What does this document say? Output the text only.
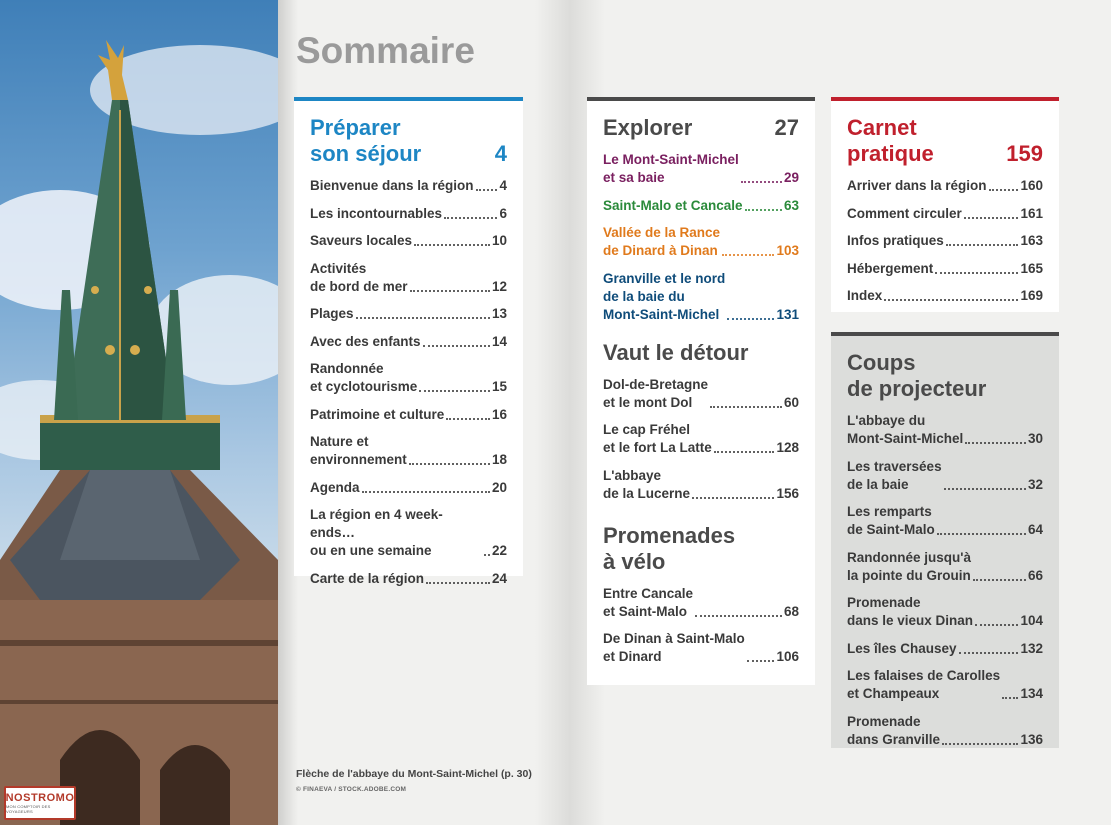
NOSTROMO
MON COMPTOIR DES VOYAGEURS
Sommaire
Préparer
son séjour	4
Bienvenue dans la région 4
Les incontournables	6
Saveurs locales	10
Activités
de bord de mer	12
Plages	13
Avec des enfants	14
Randonnée
et cyclotourisme	15
Patrimoine et culture	16
Nature et
environnement	18
Agenda	20
La région en 4 week-ends…
ou en une semaine	22
Carte de la région	24
Explorer	27
Le Mont-Saint-Michel
et sa baie	29
Saint-Malo et Cancale	63
Vallée de la Rance
de Dinard à Dinan	103
Granville et le nord
de la baie du
Mont-Saint-Michel	131
Vaut le détour
Dol-de-Bretagne
et le mont Dol	60
Le cap Fréhel
et le fort La Latte	128
L'abbaye
de la Lucerne	156
Promenades
à vélo
Entre Cancale
et Saint-Malo	68
De Dinan à Saint-Malo
et Dinard	106
Carnet
pratique	159
Arriver dans la région	160
Comment circuler	161
Infos pratiques	163
Hébergement	165
Index	169
Coups
de projecteur
L'abbaye du
Mont-Saint-Michel	30
Les traversées
de la baie	32
Les remparts
de Saint-Malo	64
Randonnée jusqu'à
la pointe du Grouin	66
Promenade
dans le vieux Dinan	104
Les îles Chausey	132
Les falaises de Carolles
et Champeaux	134
Promenade
dans Granville	136
Flèche de l'abbaye du Mont-Saint-Michel (p. 30)
© FINAEVA / STOCK.ADOBE.COM
